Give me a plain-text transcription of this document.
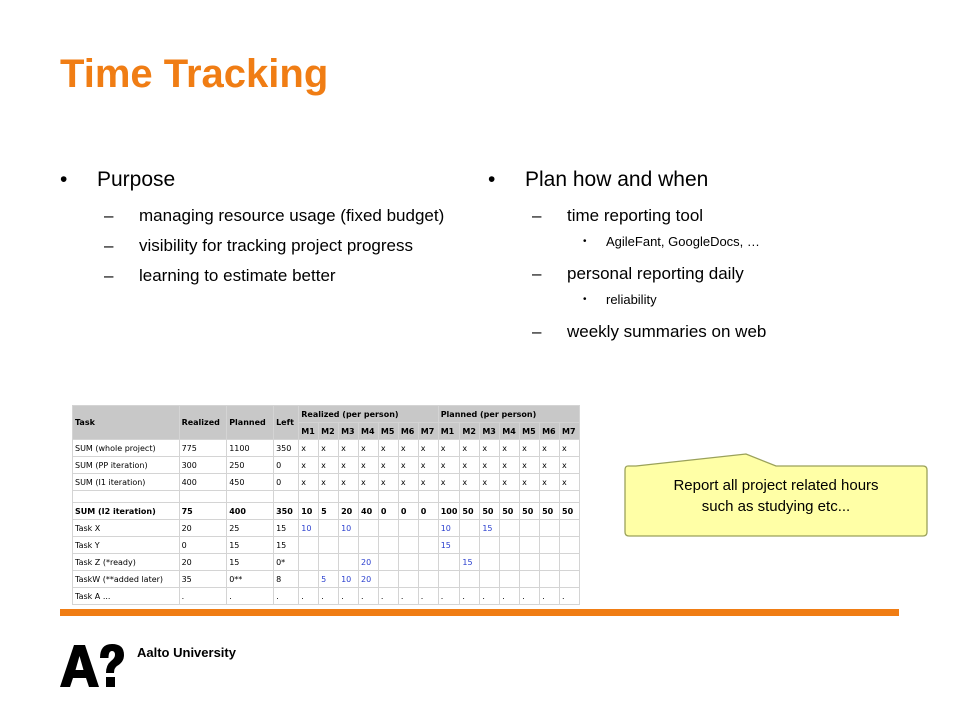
Time Tracking
•	Purpose
–	managing resource usage (fixed budget)
–	visibility for tracking project progress
–	learning to estimate better
•	Plan how and when
–	time reporting tool
•	AgileFant, GoogleDocs, …
–	personal reporting daily
•	reliability
–	weekly summaries on web
Task	Realized	Planned	Left	Realized (per person)							Planned (per person)						
				M1	M2	M3	M4	M5	M6	M7	M1	M2	M3	M4	M5	M6	M7
SUM (whole project)	775	1100	350	x	x	x	x	x	x	x	x	x	x	x	x	x	x
SUM (PP iteration)	300	250	0	x	x	x	x	x	x	x	x	x	x	x	x	x	x
SUM (I1 iteration)	400	450	0	x	x	x	x	x	x	x	x	x	x	x	x	x	x

SUM (I2 iteration)	75	400	350	10	5	20	40	0	0	0	100	50	50	50	50	50	50
Task X	20	25	15	10		10					10		15				
Task Y	0	15	15								15						
Task Z (*ready)	20	15	0*				20					15					
TaskW (**added later)	35	0**	8		5	10	20										
Task A ...	.	.	.	.	.	.	.	.	.	.	.	.	.	.	.	.	.
Report all project related hours
such as studying etc...
Aalto University
